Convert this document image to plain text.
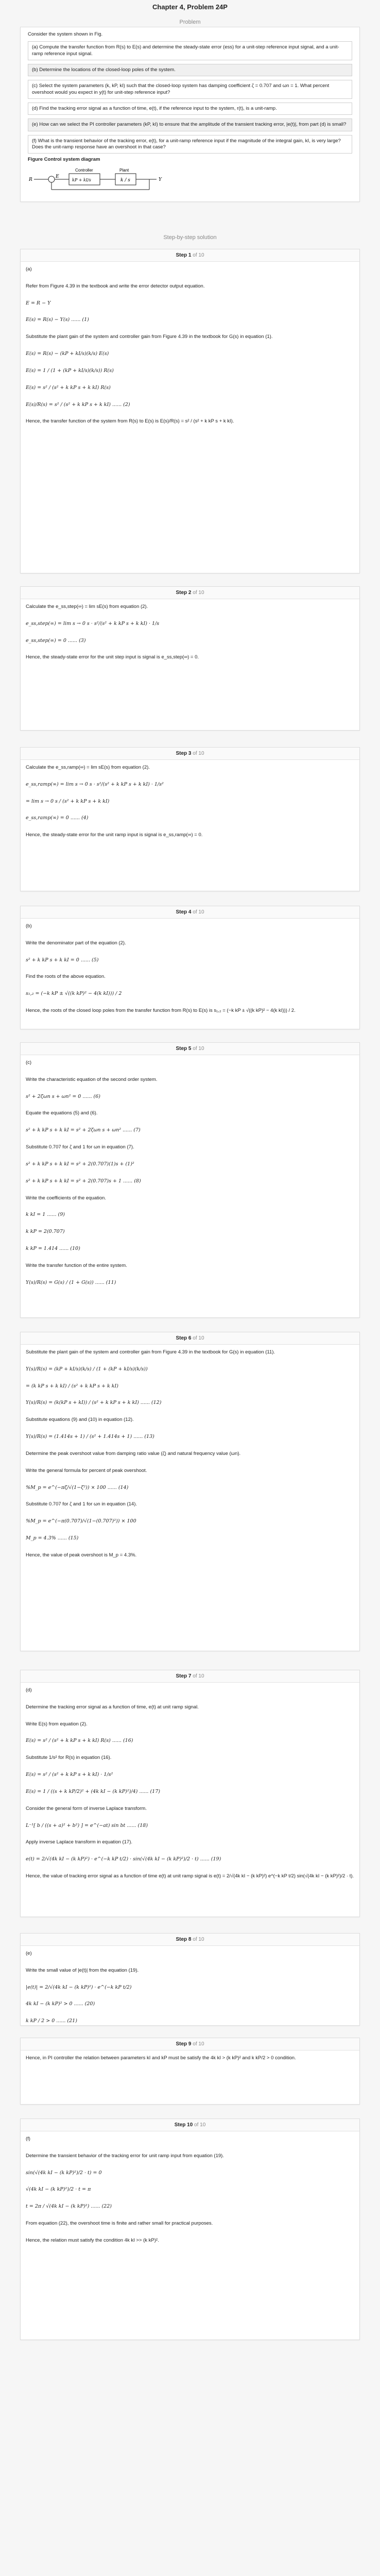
Chapter 4, Problem 24P
Problem

Consider the system shown in Fig.

(a) Compute the transfer function from R(s) to E(s) and determine the steady-state error (ess) for a unit-step reference input signal, and a unit-ramp reference input signal.
(b) Determine the locations of the closed-loop poles of the system.
(c) Select the system parameters (k, kP, kI) such that the closed-loop system has damping coefficient ζ = 0.707 and ωn = 1. What percent overshoot would you expect in y(t) for unit-step reference input?
(d) Find the tracking error signal as a function of time, e(t), if the reference input to the system, r(t), is a unit-ramp.
(e) How can we select the PI controller parameters (kP, kI) to ensure that the amplitude of the transient tracking error, |e(t)|, from part (d) is small?
(f) What is the transient behavior of the tracking error, e(t), for a unit-ramp reference input if the magnitude of the integral gain, kI, is very large? Does the unit-ramp response have an overshoot in that case?

Figure Control system diagram

R
E
Controller
kP + kI/s
Plant
k / s	Y
Step-by-step solution
Step 1 of 10
(a)
Refer from Figure 4.39 in the textbook and write the error detector output equation.
E = R − Y
E(s) = R(s) − Y(s) ...... (1)
Substitute the plant gain of the system and controller gain from Figure 4.39 in the textbook for G(s) in equation (1).
E(s) = R(s) − (kP + kI/s)(k/s) E(s)
E(s) = 1 / (1 + (kP + kI/s)(k/s)) R(s)
E(s) = s² / (s² + k kP s + k kI) R(s)
E(s)/R(s) = s² / (s² + k kP s + k kI) ...... (2)
Hence, the transfer function of the system from R(s) to E(s) is E(s)/R(s) = s² / (s² + k kP s + k kI).
Step 2 of 10
Calculate the e_ss,step(∞) = lim sE(s) from equation (2).
e_ss,step(∞) = lim s → 0 s · s²/(s² + k kP s + k kI) · 1/s
e_ss,step(∞) = 0 ...... (3)
Hence, the steady-state error for the unit step input is signal is e_ss,step(∞) = 0.
Step 3 of 10
Calculate the e_ss,ramp(∞) = lim sE(s) from equation (2).
e_ss,ramp(∞) = lim s → 0 s · s²/(s² + k kP s + k kI) · 1/s²
= lim s → 0 s / (s² + k kP s + k kI)
e_ss,ramp(∞) = 0 ...... (4)
Hence, the steady-state error for the unit ramp input is signal is e_ss,ramp(∞) = 0.
Step 4 of 10
(b)
Write the denominator part of the equation (2).
s² + k kP s + k kI = 0 ...... (5)
Find the roots of the above equation.
s₁,₂ = (−k kP ± √((k kP)² − 4(k kI))) / 2
Hence, the roots of the closed loop poles from the transfer function from R(s) to E(s) is s₁,₂ = (−k kP ± √((k kP)² − 4(k kI))) / 2.
Step 5 of 10
(c)
Write the characteristic equation of the second order system.
s² + 2ζωn s + ωn² = 0 ...... (6)
Equate the equations (5) and (6).
s² + k kP s + k kI = s² + 2ζωn s + ωn² ...... (7)
Substitute 0.707 for ζ and 1 for ωn in equation (7).
s² + k kP s + k kI = s² + 2(0.707)(1)s + (1)²
s² + k kP s + k kI = s² + 2(0.707)s + 1 ...... (8)
Write the coefficients of the equation.
k kI = 1 ...... (9)
k kP = 2(0.707)
k kP = 1.414 ...... (10)
Write the transfer function of the entire system.
Y(s)/R(s) = G(s) / (1 + G(s)) ...... (11)
Step 6 of 10
Substitute the plant gain of the system and controller gain from Figure 4.39 in the textbook for G(s) in equation (11).
Y(s)/R(s) = (kP + kI/s)(k/s) / (1 + (kP + kI/s)(k/s))
= (k kP s + k kI) / (s² + k kP s + k kI)
Y(s)/R(s) = (k(kP s + kI)) / (s² + k kP s + k kI) ...... (12)
Substitute equations (9) and (10) in equation (12).
Y(s)/R(s) = (1.414s + 1) / (s² + 1.414s + 1) ...... (13)
Determine the peak overshoot value from damping ratio value (ζ) and natural frequency value (ωn).
Write the general formula for percent of peak overshoot.
%M_p = e^(−πζ/√(1−ζ²)) × 100 ...... (14)
Substitute 0.707 for ζ and 1 for ωn in equation (14).
%M_p = e^(−π(0.707)/√(1−(0.707)²)) × 100
M_p = 4.3% ...... (15)
Hence, the value of peak overshoot is M_p = 4.3%.
Step 7 of 10
(d)
Determine the tracking error signal as a function of time, e(t) at unit ramp signal.
Write E(s) from equation (2).
E(s) = s² / (s² + k kP s + k kI) R(s) ...... (16)
Substitute 1/s² for R(s) in equation (16).
E(s) = s² / (s² + k kP s + k kI) · 1/s²
E(s) = 1 / ((s + k kP/2)² + (4k kI − (k kP)²)/4) ...... (17)
Consider the general form of inverse Laplace transform.
L⁻¹[ b / ((s + a)² + b²) ] = e^(−at) sin bt ...... (18)
Apply inverse Laplace transform in equation (17).
e(t) = 2/√(4k kI − (k kP)²) · e^(−k kP t/2) · sin(√(4k kI − (k kP)²)/2 · t) ...... (19)
Hence, the value of tracking error signal as a function of time e(t) at unit ramp signal is e(t) = 2/√(4k kI − (k kP)²) e^(−k kP t/2) sin(√(4k kI − (k kP)²)/2 · t).
Step 8 of 10
(e)
Write the small value of |e(t)| from the equation (19).
|e(t)| = 2/√(4k kI − (k kP)²) · e^(−k kP t/2)
4k kI − (k kP)² > 0 ...... (20)
k kP / 2 > 0 ...... (21)
Step 9 of 10
Hence, in PI controller the relation between parameters kI and kP must be satisfy the 4k kI > (k kP)² and k kP/2 > 0 condition.
Step 10 of 10
(f)
Determine the transient behavior of the tracking error for unit ramp input from equation (19).
sin(√(4k kI − (k kP)²)/2 · t) = 0
√(4k kI − (k kP)²)/2 · t = π
t = 2π / √(4k kI − (k kP)²) ...... (22)
From equation (22), the overshoot time is finite and rather small for practical purposes.
Hence, the relation must satisfy the condition 4k kI >> (k kP)².
